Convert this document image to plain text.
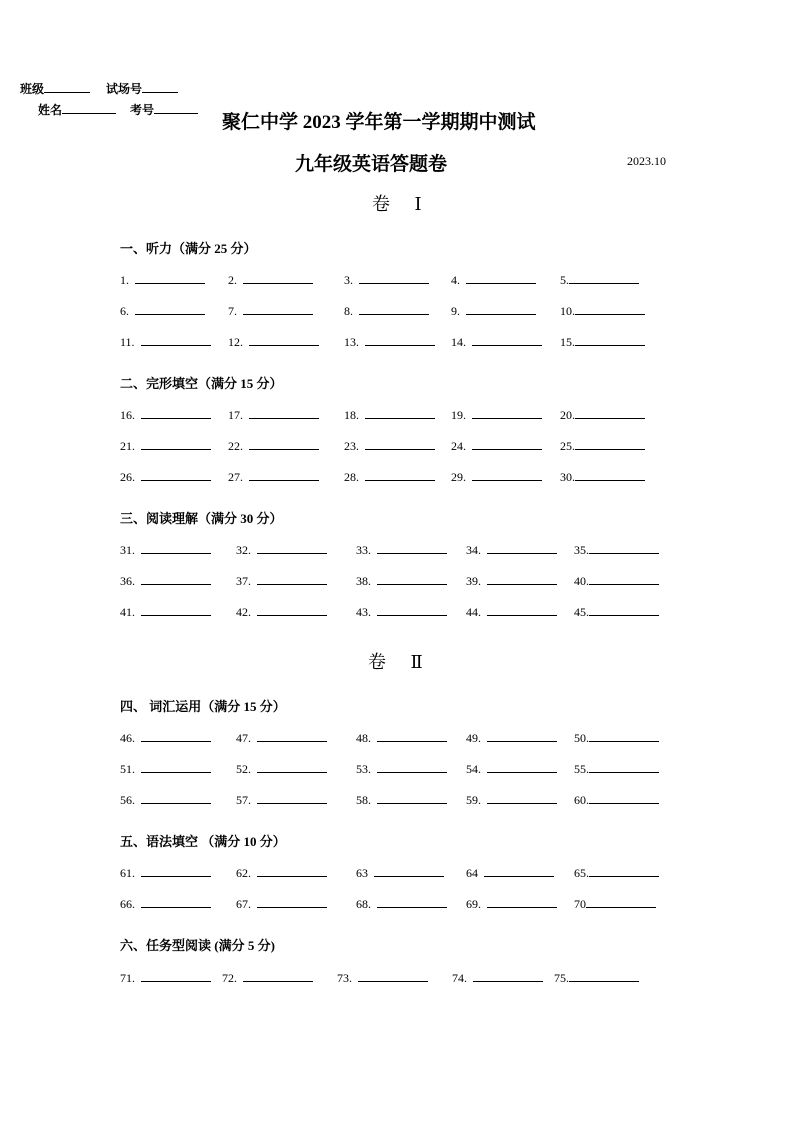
班级	试场号
姓名	考号
聚仁中学 2023 学年第一学期期中测试
九年级英语答题卷	2023.10
卷 Ⅰ
卷 Ⅱ
一、听力（满分 25 分）
1.	2.	3.	4.	5.
6.	7.	8.	9.	10.
11.	12.	13.	14.	15.
二、完形填空（满分 15 分）
16.	17.	18.	19.	20.
21.	22.	23.	24.	25.
26.	27.	28.	29.	30.
三、阅读理解（满分 30 分）
31.	32.	33.	34.	35.
36.	37.	38.	39.	40.
41.	42.	43.	44.	45.
四、 词汇运用（满分 15 分）
46.	47.	48.	49.	50.
51.	52.	53.	54.	55.
56.	57.	58.	59.	60.
五、语法填空 （满分 10 分）
61.	62.	63	64	65.
66.	67.	68.	69.	70
六、任务型阅读 (满分 5 分)
71.	72.	73.	74.	75.
